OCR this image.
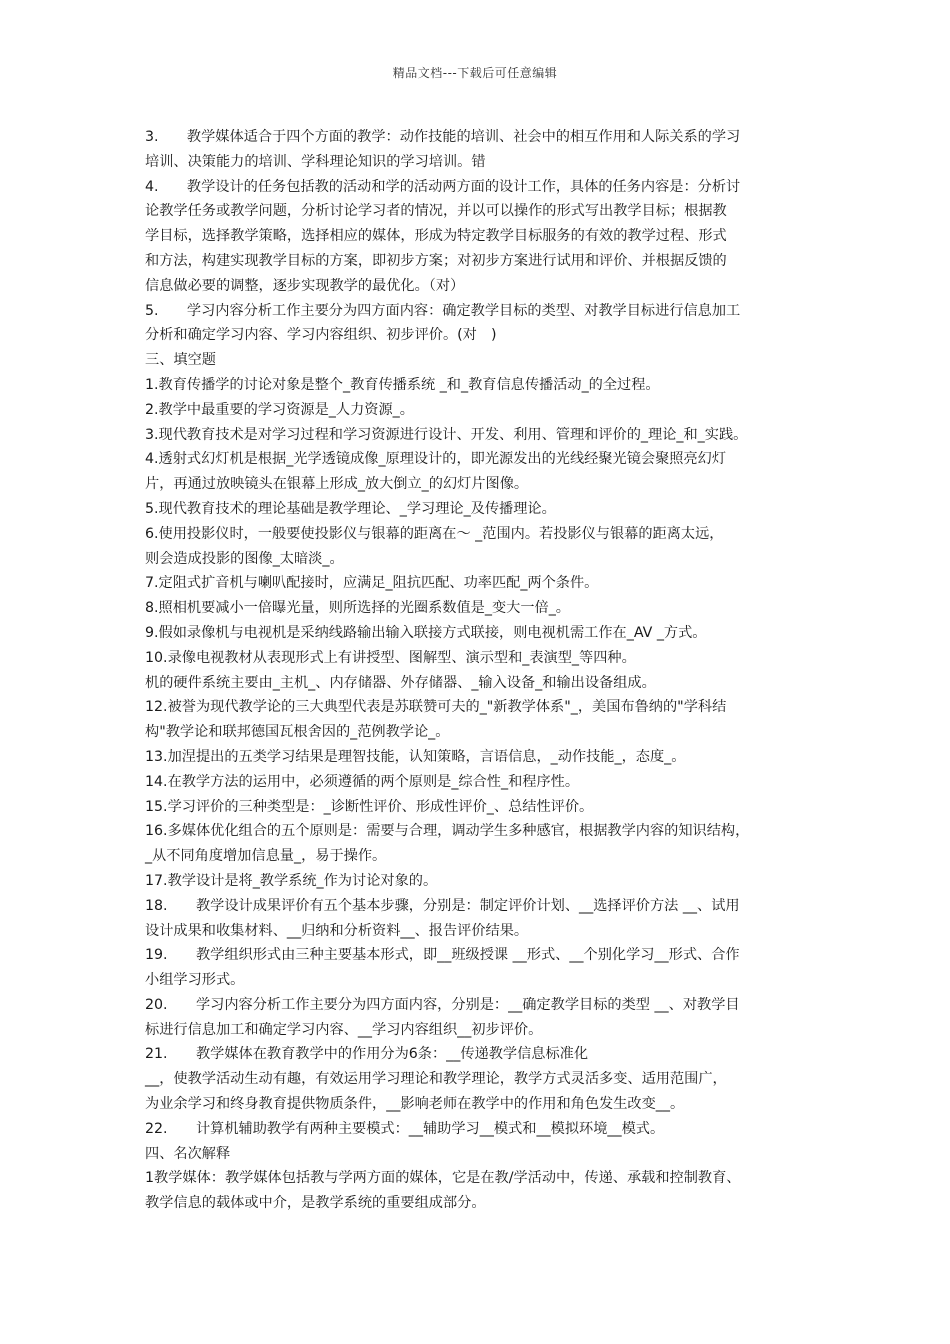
精品文档---下载后可任意编辑
3.　　教学媒体适合于四个方面的教学：动作技能的培训、社会中的相互作用和人际关系的学习
培训、决策能力的培训、学科理论知识的学习培训。错
4.　　教学设计的任务包括教的活动和学的活动两方面的设计工作，具体的任务内容是：分析讨
论教学任务或教学问题，分析讨论学习者的情况，并以可以操作的形式写出教学目标；根据教
学目标，选择教学策略，选择相应的媒体，形成为特定教学目标服务的有效的教学过程、形式
和方法，构建实现教学目标的方案，即初步方案；对初步方案进行试用和评价、并根据反馈的
信息做必要的调整，逐步实现教学的最优化。（对）
5.　　学习内容分析工作主要分为四方面内容：确定教学目标的类型、对教学目标进行信息加工
分析和确定学习内容、学习内容组织、初步评价。(对　)
三、填空题
1.教育传播学的讨论对象是整个_教育传播系统 _和_教育信息传播活动_的全过程。
2.教学中最重要的学习资源是_人力资源_。
3.现代教育技术是对学习过程和学习资源进行设计、开发、利用、管理和评价的_理论_和_实践。
4.透射式幻灯机是根据_光学透镜成像_原理设计的，即光源发出的光线经聚光镜会聚照亮幻灯
片，再通过放映镜头在银幕上形成_放大倒立_的幻灯片图像。
5.现代教育技术的理论基础是教学理论、_学习理论_及传播理论。
6.使用投影仪时，一般要使投影仪与银幕的距离在～ _范围内。若投影仪与银幕的距离太远，
则会造成投影的图像_太暗淡_。
7.定阻式扩音机与喇叭配接时，应满足_阻抗匹配、功率匹配_两个条件。
8.照相机要减小一倍曝光量，则所选择的光圈系数值是_变大一倍_。
9.假如录像机与电视机是采纳线路输出输入联接方式联接，则电视机需工作在_AV _方式。
10.录像电视教材从表现形式上有讲授型、图解型、演示型和_表演型_等四种。
机的硬件系统主要由_主机_、内存储器、外存储器、_输入设备_和输出设备组成。
12.被誉为现代教学论的三大典型代表是苏联赞可夫的_"新教学体系"_，美国布鲁纳的"学科结
构"教学论和联邦德国瓦根舍因的_范例教学论_。
13.加涅提出的五类学习结果是理智技能，认知策略，言语信息，_动作技能_，态度_。
14.在教学方法的运用中，必须遵循的两个原则是_综合性_和程序性。
15.学习评价的三种类型是：_诊断性评价、形成性评价_、总结性评价。
16.多媒体优化组合的五个原则是：需要与合理，调动学生多种感官，根据教学内容的知识结构，
_从不同角度增加信息量_，易于操作。
17.教学设计是将_教学系统_作为讨论对象的。
18.　　教学设计成果评价有五个基本步骤，分别是：制定评价计划、__选择评价方法 __、试用
设计成果和收集材料、__归纳和分析资料__、报告评价结果。
19.　　教学组织形式由三种主要基本形式，即__班级授课 __形式、__个别化学习__形式、合作
小组学习形式。
20.　　学习内容分析工作主要分为四方面内容，分别是：__确定教学目标的类型 __、对教学目
标进行信息加工和确定学习内容、__学习内容组织__初步评价。
21.　　教学媒体在教育教学中的作用分为6条：__传递教学信息标准化
__，使教学活动生动有趣，有效运用学习理论和教学理论，教学方式灵活多变、适用范围广，
为业余学习和终身教育提供物质条件，__影响老师在教学中的作用和角色发生改变__。
22.　　计算机辅助教学有两种主要模式：__辅助学习__模式和__模拟环境__模式。
四、名次解释
1教学媒体：教学媒体包括教与学两方面的媒体，它是在教/学活动中，传递、承载和控制教育、
教学信息的载体或中介，是教学系统的重要组成部分。
